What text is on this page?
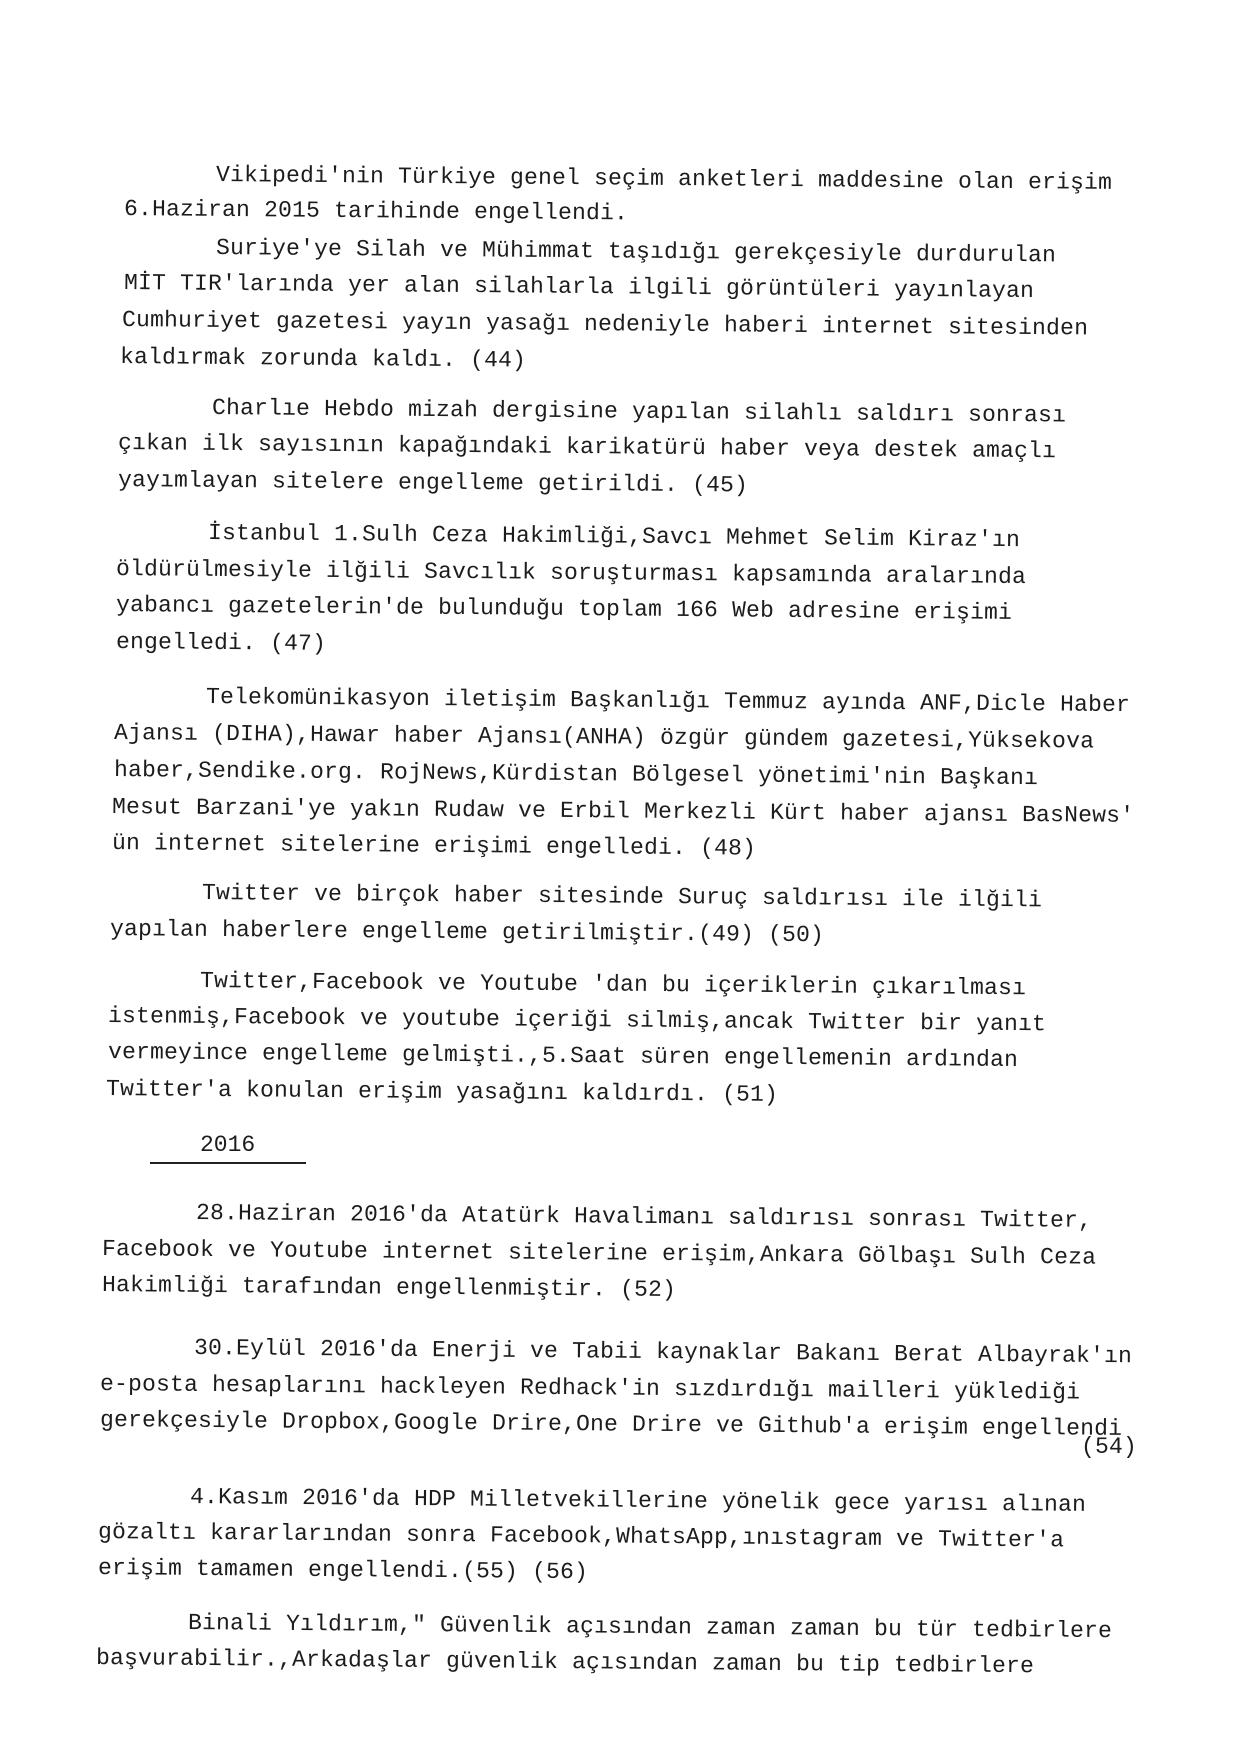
Vikipedi'nin Türkiye genel seçim anketleri maddesine olan erişim
6.Haziran 2015 tarihinde engellendi.
Suriye'ye Silah ve Mühimmat taşıdığı gerekçesiyle durdurulan
MİT TIR'larında yer alan silahlarla ilgili görüntüleri yayınlayan
Cumhuriyet gazetesi yayın yasağı nedeniyle haberi internet sitesinden
kaldırmak zorunda kaldı. (44)
Charlıe Hebdo mizah dergisine yapılan silahlı saldırı sonrası
çıkan ilk sayısının kapağındaki karikatürü haber veya destek amaçlı
yayımlayan sitelere engelleme getirildi. (45)
İstanbul 1.Sulh Ceza Hakimliği,Savcı Mehmet Selim Kiraz'ın
öldürülmesiyle ilğili Savcılık soruşturması kapsamında aralarında
yabancı gazetelerin'de bulunduğu toplam 166 Web adresine erişimi
engelledi. (47)
Telekomünikasyon iletişim Başkanlığı Temmuz ayında ANF,Dicle Haber
Ajansı (DIHA),Hawar haber Ajansı(ANHA) özgür gündem gazetesi,Yüksekova
haber,Sendike.org. RojNews,Kürdistan Bölgesel yönetimi'nin Başkanı
Mesut Barzani'ye yakın Rudaw ve Erbil Merkezli Kürt haber ajansı BasNews'
ün internet sitelerine erişimi engelledi. (48)
Twitter ve birçok haber sitesinde Suruç saldırısı ile ilğili
yapılan haberlere engelleme getirilmiştir.(49) (50)
Twitter,Facebook ve Youtube 'dan bu içeriklerin çıkarılması
istenmiş,Facebook ve youtube içeriği silmiş,ancak Twitter bir yanıt
vermeyince engelleme gelmişti.,5.Saat süren engellemenin ardından
Twitter'a konulan erişim yasağını kaldırdı. (51)
2016
28.Haziran 2016'da Atatürk Havalimanı saldırısı sonrası Twitter,
Facebook ve Youtube internet sitelerine erişim,Ankara Gölbaşı Sulh Ceza
Hakimliği tarafından engellenmiştir. (52)
30.Eylül 2016'da Enerji ve Tabii kaynaklar Bakanı Berat Albayrak'ın
e-posta hesaplarını hackleyen Redhack'in sızdırdığı mailleri yüklediği
gerekçesiyle Dropbox,Google Drire,One Drire ve Github'a erişim engellendi
(54)
4.Kasım 2016'da HDP Milletvekillerine yönelik gece yarısı alınan
gözaltı kararlarından sonra Facebook,WhatsApp,ınıstagram ve Twitter'a
erişim tamamen engellendi.(55) (56)
Binali Yıldırım," Güvenlik açısından zaman zaman bu tür tedbirlere
başvurabilir.,Arkadaşlar güvenlik açısından zaman bu tip tedbirlere
